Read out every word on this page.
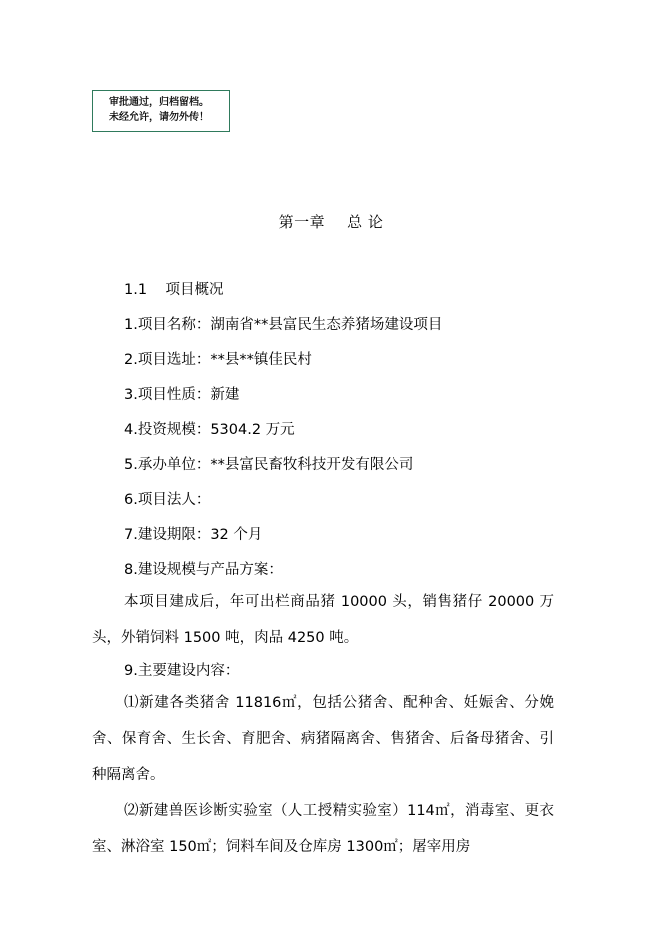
审批通过，归档留档。
未经允许，请勿外传！
第一章 总 论
1.1 项目概况
1.项目名称：湖南省**县富民生态养猪场建设项目
2.项目选址：**县**镇佳民村
3.项目性质：新建
4.投资规模：5304.2 万元
5.承办单位：**县富民畜牧科技开发有限公司
6.项目法人：
7.建设期限：32 个月
8.建设规模与产品方案：
本项目建成后，年可出栏商品猪 10000 头，销售猪仔 20000 万头，外销饲料 1500 吨，肉品 4250 吨。
9.主要建设内容：
⑴新建各类猪舍 11816㎡，包括公猪舍、配种舍、妊娠舍、分娩舍、保育舍、生长舍、育肥舍、病猪隔离舍、售猪舍、后备母猪舍、引种隔离舍。
⑵新建兽医诊断实验室（人工授精实验室）114㎡，消毒室、更衣室、淋浴室 150㎡；饲料车间及仓库房 1300㎡；屠宰用房
